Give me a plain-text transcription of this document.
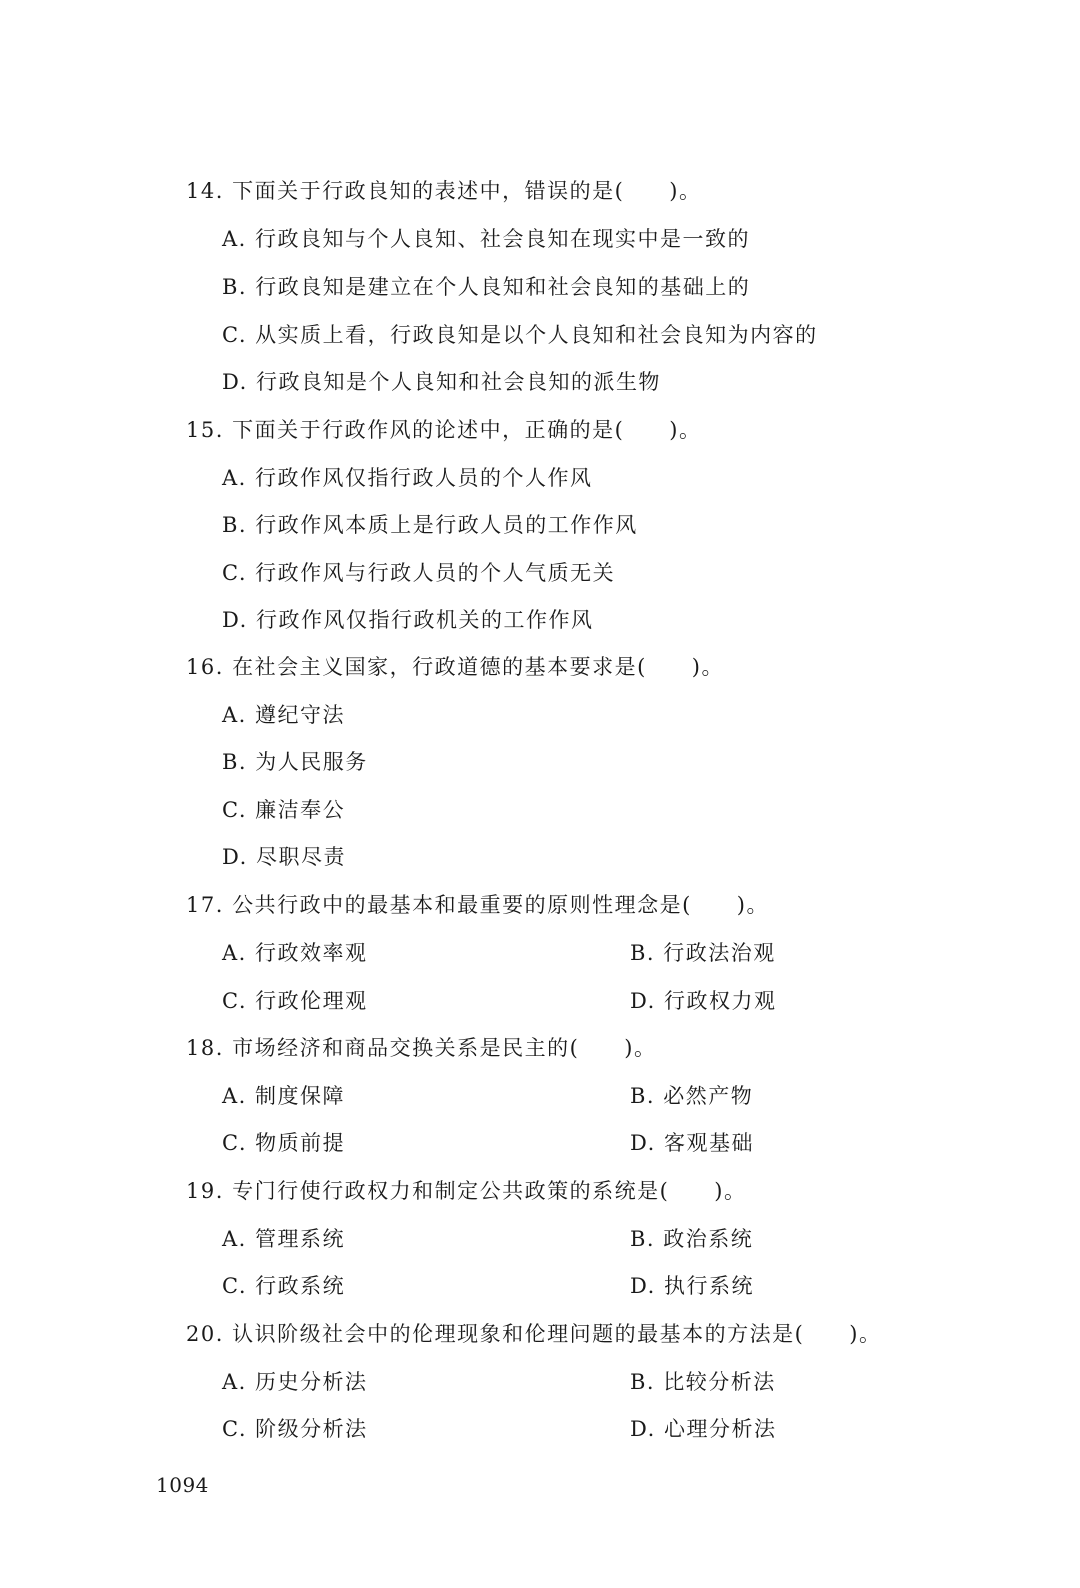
14. 下面关于行政良知的表述中，错误的是(　　)。
A. 行政良知与个人良知、社会良知在现实中是一致的
B. 行政良知是建立在个人良知和社会良知的基础上的
C. 从实质上看，行政良知是以个人良知和社会良知为内容的
D. 行政良知是个人良知和社会良知的派生物
15. 下面关于行政作风的论述中，正确的是(　　)。
A. 行政作风仅指行政人员的个人作风
B. 行政作风本质上是行政人员的工作作风
C. 行政作风与行政人员的个人气质无关
D. 行政作风仅指行政机关的工作作风
16. 在社会主义国家，行政道德的基本要求是(　　)。
A. 遵纪守法
B. 为人民服务
C. 廉洁奉公
D. 尽职尽责
17. 公共行政中的最基本和最重要的原则性理念是(　　)。
A. 行政效率观	B. 行政法治观
C. 行政伦理观	D. 行政权力观
18. 市场经济和商品交换关系是民主的(　　)。
A. 制度保障	B. 必然产物
C. 物质前提	D. 客观基础
19. 专门行使行政权力和制定公共政策的系统是(　　)。
A. 管理系统	B. 政治系统
C. 行政系统	D. 执行系统
20. 认识阶级社会中的伦理现象和伦理问题的最基本的方法是(　　)。
A. 历史分析法	B. 比较分析法
C. 阶级分析法	D. 心理分析法
1094
